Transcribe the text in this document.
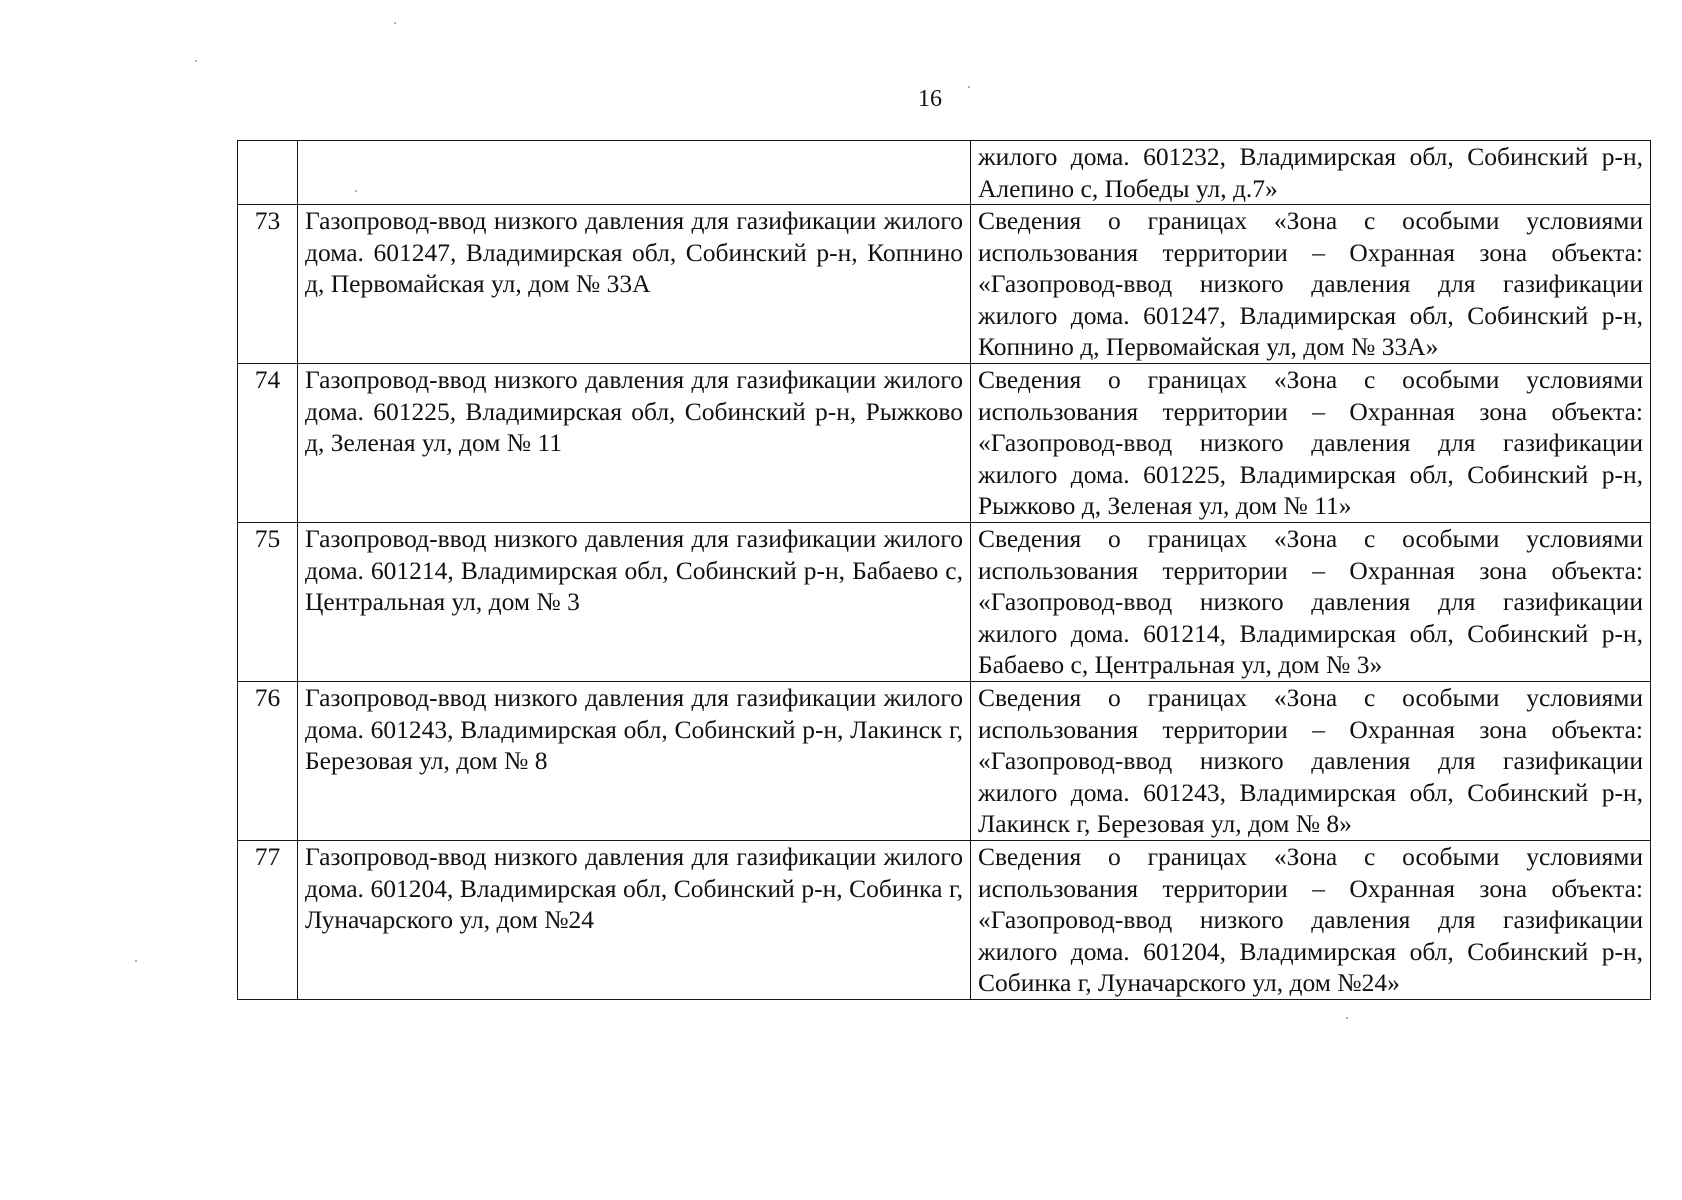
16
		жилого дома. 601232, Владимирская обл, Собинский р-н, Алепино с, Победы ул, д.7»
73	Газопровод-ввод низкого давления для газификации жилого дома. 601247, Владимирская обл, Собинский р-н, Копнино д, Первомайская ул, дом № 33А	Сведения о границах «Зона с особыми условиями использования территории – Охранная зона объекта: «Газопровод-ввод низкого давления для газификации жилого дома. 601247, Владимирская обл, Собинский р-н, Копнино д, Первомайская ул, дом № 33А»
74	Газопровод-ввод низкого давления для газификации жилого дома. 601225, Владимирская обл, Собинский р-н, Рыжково д, Зеленая ул, дом № 11	Сведения о границах «Зона с особыми условиями использования территории – Охранная зона объекта: «Газопровод-ввод низкого давления для газификации жилого дома. 601225, Владимирская обл, Собинский р-н, Рыжково д, Зеленая ул, дом № 11»
75	Газопровод-ввод низкого давления для газификации жилого дома. 601214, Владимирская обл, Собинский р-н, Бабаево с, Центральная ул, дом № 3	Сведения о границах «Зона с особыми условиями использования территории – Охранная зона объекта: «Газопровод-ввод низкого давления для газификации жилого дома. 601214, Владимирская обл, Собинский р-н, Бабаево с, Центральная ул, дом № 3»
76	Газопровод-ввод низкого давления для газификации жилого дома. 601243, Владимирская обл, Собинский р-н, Лакинск г, Березовая ул, дом № 8	Сведения о границах «Зона с особыми условиями использования территории – Охранная зона объекта: «Газопровод-ввод низкого давления для газификации жилого дома. 601243, Владимирская обл, Собинский р-н, Лакинск г, Березовая ул, дом № 8»
77	Газопровод-ввод низкого давления для газификации жилого дома. 601204, Владимирская обл, Собинский р-н, Собинка г, Луначарского ул, дом №24	Сведения о границах «Зона с особыми условиями использования территории – Охранная зона объекта: «Газопровод-ввод низкого давления для газификации жилого дома. 601204, Владимирская обл, Собинский р-н, Собинка г, Луначарского ул, дом №24»
